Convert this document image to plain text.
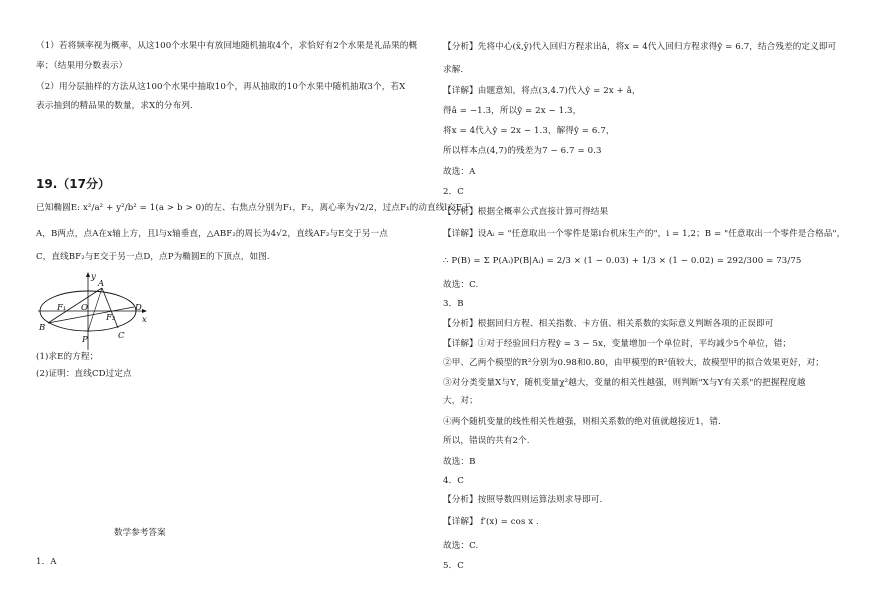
（1）若将频率视为概率，从这100个水果中有放回地随机抽取4个，求恰好有2个水果是礼品果的概
率；（结果用分数表示）
（2）用分层抽样的方法从这100个水果中抽取10个，再从抽取的10个水果中随机抽取3个，若X
表示抽到的精品果的数量，求X的分布列.
19.（17分）
已知椭圆E: x²/a² + y²/b² = 1(a > b > 0)的左、右焦点分别为F₁，F₂，离心率为√2/2，过点F₁的动直线l交E于
A，B两点，点A在x轴上方，且l与x轴垂直，△ABF₂的周长为4√2，直线AF₂与E交于另一点
C，直线BF₂与E交于另一点D，点P为椭圆E的下顶点，如图.
(1)求E的方程；
(2)证明：直线CD过定点
数学参考答案
1．A
y
x
A
B
C
D
O
P
F₁
F₂
【分析】先将中心(x̄,ȳ)代入回归方程求出â，将x = 4代入回归方程求得ŷ = 6.7，结合残差的定义即可
求解.
【详解】由题意知，将点(3,4.7)代入ŷ = 2x + â，
得â = −1.3，所以ŷ = 2x − 1.3，
将x = 4代入ŷ = 2x − 1.3，解得ŷ = 6.7，
所以样本点(4,7)的残差为7 − 6.7 = 0.3
故选：A
2．C
【分析】根据全概率公式直接计算可得结果
【详解】设Aᵢ = "任意取出一个零件是第i台机床生产的"，i = 1,2；B = "任意取出一个零件是合格品"，
∴ P(B) = Σ P(Aᵢ)P(B|Aᵢ) = 2/3 × (1 − 0.03) + 1/3 × (1 − 0.02) = 292/300 = 73/75
故选：C.
3．B
【分析】根据回归方程、相关指数、卡方值、相关系数的实际意义判断各项的正误即可
【详解】①对于经验回归方程ŷ = 3 − 5x，变量增加一个单位时，平均减少5个单位，错；
②甲、乙两个模型的R²分别为0.98和0.80，由甲模型的R²值较大，故模型甲的拟合效果更好，对；
③对分类变量X与Y，随机变量χ²越大，变量的相关性越强，则判断"X与Y有关系"的把握程度越
大，对；
④两个随机变量的线性相关性越强，则相关系数的绝对值就越接近1，错.
所以，错误的共有2个.
故选：B
4．C
【分析】按照导数四则运算法则求导即可.
【详解】 f′(x) = cos x .
故选：C.
5．C
